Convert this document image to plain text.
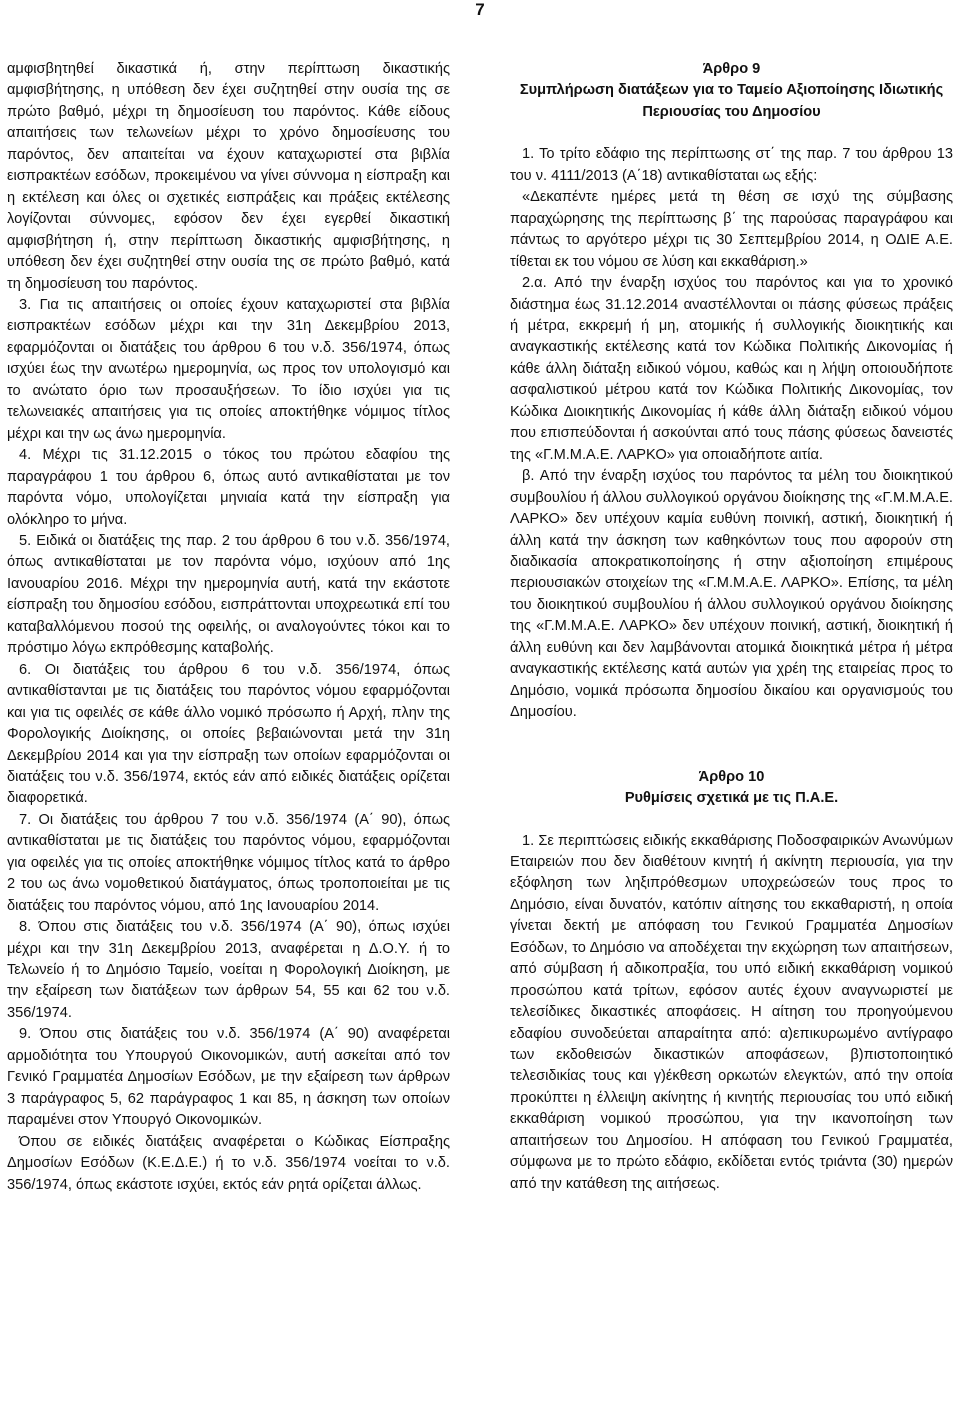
7

αμφισβητηθεί δικαστικά ή, στην περίπτωση δικαστικής αμφισβήτησης, η υπόθεση δεν έχει συζητηθεί στην ουσία της σε πρώτο βαθμό, μέχρι τη δημοσίευση του παρόντος. Κάθε είδους απαιτήσεις των τελωνείων μέχρι το χρόνο δημοσίευσης του παρόντος, δεν απαιτείται να έχουν καταχωριστεί στα βιβλία εισπρακτέων εσόδων, προκειμένου να γίνει σύννομα η είσπραξη και η εκτέλεση και όλες οι σχετικές εισπράξεις και πράξεις εκτέλεσης λογίζονται σύννομες, εφόσον δεν έχει εγερθεί δικαστική αμφισβήτηση ή, στην περίπτωση δικαστικής αμφισβήτησης, η υπόθεση δεν έχει συζητηθεί στην ουσία της σε πρώτο βαθμό, κατά τη δημοσίευση του παρόντος.

3. Για τις απαιτήσεις οι οποίες έχουν καταχωριστεί στα βιβλία εισπρακτέων εσόδων μέχρι και την 31η Δεκεμβρίου 2013, εφαρμόζονται οι διατάξεις του άρθρου 6 του ν.δ. 356/1974, όπως ισχύει έως την ανωτέρω ημερομηνία, ως προς τον υπολογισμό και το ανώτατο όριο των προσαυξήσεων. Το ίδιο ισχύει για τις τελωνειακές απαιτήσεις για τις οποίες αποκτήθηκε νόμιμος τίτλος μέχρι και την ως άνω ημερομηνία.

4. Μέχρι τις 31.12.2015 ο τόκος του πρώτου εδαφίου της παραγράφου 1 του άρθρου 6, όπως αυτό αντικαθίσταται με τον παρόντα νόμο, υπολογίζεται μηνιαία κατά την είσπραξη για ολόκληρο το μήνα.

5. Ειδικά οι διατάξεις της παρ. 2 του άρθρου 6 του ν.δ. 356/1974, όπως αντικαθίσταται με τον παρόντα νόμο, ισχύουν από 1ης Ιανουαρίου 2016. Μέχρι την ημερομηνία αυτή, κατά την εκάστοτε είσπραξη του δημοσίου εσόδου, εισπράττονται υποχρεωτικά επί του καταβαλλόμενου ποσού της οφειλής, οι αναλογούντες τόκοι και το πρόστιμο λόγω εκπρόθεσμης καταβολής.

6. Οι διατάξεις του άρθρου 6 του ν.δ. 356/1974, όπως αντικαθίστανται με τις διατάξεις του παρόντος νόμου εφαρμόζονται και για τις οφειλές σε κάθε άλλο νομικό πρόσωπο ή Αρχή, πλην της Φορολογικής Διοίκησης, οι οποίες βεβαιώνονται μετά την 31η Δεκεμβρίου 2014 και για την είσπραξη των οποίων εφαρμόζονται οι διατάξεις του ν.δ. 356/1974, εκτός εάν από ειδικές διατάξεις ορίζεται διαφορετικά.

7. Οι διατάξεις του άρθρου 7 του ν.δ. 356/1974 (Α΄ 90), όπως αντικαθίσταται με τις διατάξεις του παρόντος νόμου, εφαρμόζονται για οφειλές για τις οποίες αποκτήθηκε νόμιμος τίτλος κατά το άρθρο 2 του ως άνω νομοθετικού διατάγματος, όπως τροποποιείται με τις διατάξεις του παρόντος νόμου, από 1ης Ιανουαρίου 2014.

8. Όπου στις διατάξεις του ν.δ. 356/1974 (Α΄ 90), όπως ισχύει μέχρι και την 31η Δεκεμβρίου 2013, αναφέρεται η Δ.Ο.Υ. ή το Τελωνείο ή το Δημόσιο Ταμείο, νοείται η Φορολογική Διοίκηση, με την εξαίρεση των διατάξεων των άρθρων 54, 55 και 62 του ν.δ. 356/1974.

9. Όπου στις διατάξεις του ν.δ. 356/1974 (Α΄ 90) αναφέρεται αρμοδιότητα του Υπουργού Οικονομικών, αυτή ασκείται από τον Γενικό Γραμματέα Δημοσίων Εσόδων, με την εξαίρεση των άρθρων 3 παράγραφος 5, 62 παράγραφος 1 και 85, η άσκηση των οποίων παραμένει στον Υπουργό Οικονομικών.

Όπου σε ειδικές διατάξεις αναφέρεται ο Κώδικας Είσπραξης Δημοσίων Εσόδων (Κ.Ε.Δ.Ε.) ή το ν.δ. 356/1974 νοείται το ν.δ. 356/1974, όπως εκάστοτε ισχύει, εκτός εάν ρητά ορίζεται άλλως.

Άρθρο 9

Συμπλήρωση διατάξεων για το Ταμείο Αξιοποίησης Ιδιωτικής Περιουσίας του Δημοσίου

1. Το τρίτο εδάφιο της περίπτωσης στ΄ της παρ. 7 του άρθρου 13 του ν. 4111/2013 (Α΄18) αντικαθίσταται ως εξής:

«Δεκαπέντε ημέρες μετά τη θέση σε ισχύ της σύμβασης παραχώρησης της περίπτωσης β΄ της παρούσας παραγράφου και πάντως το αργότερο μέχρι τις 30 Σεπτεμβρίου 2014, η ΟΔΙΕ Α.Ε. τίθεται εκ του νόμου σε λύση και εκκαθάριση.»

2.α. Από την έναρξη ισχύος του παρόντος και για το χρονικό διάστημα έως 31.12.2014 αναστέλλονται οι πάσης φύσεως πράξεις ή μέτρα, εκκρεμή ή μη, ατομικής ή συλλογικής διοικητικής και αναγκαστικής εκτέλεσης κατά τον Κώδικα Πολιτικής Δικονομίας ή κάθε άλλη διάταξη ειδικού νόμου, καθώς και η λήψη οποιουδήποτε ασφαλιστικού μέτρου κατά τον Κώδικα Πολιτικής Δικονομίας, τον Κώδικα Διοικητικής Δικονομίας ή κάθε άλλη διάταξη ειδικού νόμου που επισπεύδονται ή ασκούνται από τους πάσης φύσεως δανειστές της «Γ.Μ.Μ.Α.Ε. ΛΑΡΚΟ» για οποιαδήποτε αιτία.

β. Από την έναρξη ισχύος του παρόντος τα μέλη του διοικητικού συμβουλίου ή άλλου συλλογικού οργάνου διοίκησης της «Γ.Μ.Μ.Α.Ε. ΛΑΡΚΟ» δεν υπέχουν καμία ευθύνη ποινική, αστική, διοικητική ή άλλη κατά την άσκηση των καθηκόντων τους που αφορούν στη διαδικασία αποκρατικοποίησης ή στην αξιοποίηση επιμέρους περιουσιακών στοιχείων της «Γ.Μ.Μ.Α.Ε. ΛΑΡΚΟ». Επίσης, τα μέλη του διοικητικού συμβουλίου ή άλλου συλλογικού οργάνου διοίκησης της «Γ.Μ.Μ.Α.Ε. ΛΑΡΚΟ» δεν υπέχουν ποινική, αστική, διοικητική ή άλλη ευθύνη και δεν λαμβάνονται ατομικά διοικητικά μέτρα ή μέτρα αναγκαστικής εκτέλεσης κατά αυτών για χρέη της εταιρείας προς το Δημόσιο, νομικά πρόσωπα δημοσίου δικαίου και οργανισμούς του Δημοσίου.

Άρθρο 10

Ρυθμίσεις σχετικά με τις Π.Α.Ε.

1. Σε περιπτώσεις ειδικής εκκαθάρισης Ποδοσφαιρικών Ανωνύμων Εταιρειών που δεν διαθέτουν κινητή ή ακίνητη περιουσία, για την εξόφληση των ληξιπρόθεσμων υποχρεώσεών τους προς το Δημόσιο, είναι δυνατόν, κατόπιν αίτησης του εκκαθαριστή, η οποία γίνεται δεκτή με απόφαση του Γενικού Γραμματέα Δημοσίων Εσόδων, το Δημόσιο να αποδέχεται την εκχώρηση των απαιτήσεων, από σύμβαση ή αδικοπραξία, του υπό ειδική εκκαθάριση νομικού προσώπου κατά τρίτων, εφόσον αυτές έχουν αναγνωριστεί με τελεσίδικες δικαστικές αποφάσεις. Η αίτηση του προηγούμενου εδαφίου συνοδεύεται απαραίτητα από: α)επικυρωμένο αντίγραφο των εκδοθεισών δικαστικών αποφάσεων, β)πιστοποιητικό τελεσιδικίας τους και γ)έκθεση ορκωτών ελεγκτών, από την οποία προκύπτει η έλλειψη ακίνητης ή κινητής περιουσίας του υπό ειδική εκκαθάριση νομικού προσώπου, για την ικανοποίηση των απαιτήσεων του Δημοσίου. Η απόφαση του Γενικού Γραμματέα, σύμφωνα με το πρώτο εδάφιο, εκδίδεται εντός τριάντα (30) ημερών από την κατάθεση της αιτήσεως.
